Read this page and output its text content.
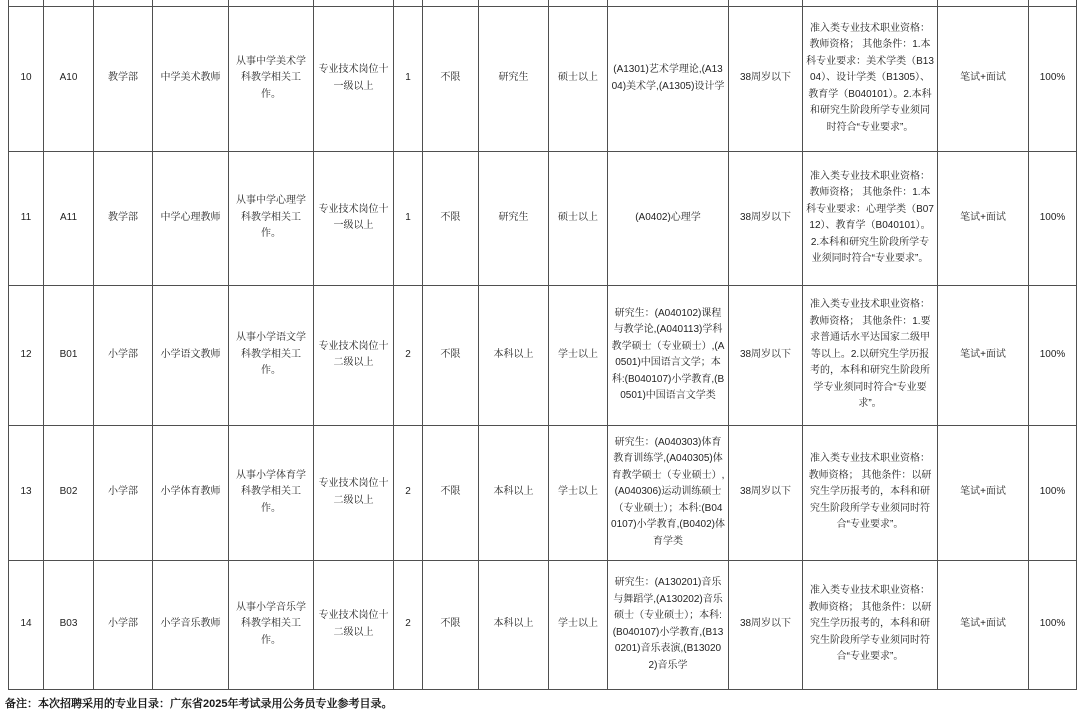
10	A10	教学部	中学美术教师	从事中学美术学科教学相关工作。	专业技术岗位十一级以上	1	不限	研究生	硕士以上	(A1301)艺术学理论,(A1304)美术学,(A1305)设计学	38周岁以下	准入类专业技术职业资格：教师资格； 其他条件：1.本科专业要求：美术学类（B1304）、设计学类（B1305）、教育学（B040101）。2.本科和研究生阶段所学专业须同时符合“专业要求”。	笔试+面试	100%
11	A11	教学部	中学心理教师	从事中学心理学科教学相关工作。	专业技术岗位十一级以上	1	不限	研究生	硕士以上	(A0402)心理学	38周岁以下	准入类专业技术职业资格：教师资格； 其他条件：1.本科专业要求：心理学类（B0712）、教育学（B040101）。2.本科和研究生阶段所学专业须同时符合“专业要求”。	笔试+面试	100%
12	B01	小学部	小学语文教师	从事小学语文学科教学相关工作。	专业技术岗位十二级以上	2	不限	本科以上	学士以上	研究生：(A040102)课程与教学论,(A040113)学科教学硕士（专业硕士）,(A0501)中国语言文学；本科:(B040107)小学教育,(B0501)中国语言文学类	38周岁以下	准入类专业技术职业资格：教师资格； 其他条件：1.要求普通话水平达国家二级甲等以上。2.以研究生学历报考的，本科和研究生阶段所学专业须同时符合“专业要求”。	笔试+面试	100%
13	B02	小学部	小学体育教师	从事小学体育学科教学相关工作。	专业技术岗位十二级以上	2	不限	本科以上	学士以上	研究生：(A040303)体育教育训练学,(A040305)体育教学硕士（专业硕士）,(A040306)运动训练硕士（专业硕士）；本科:(B040107)小学教育,(B0402)体育学类	38周岁以下	准入类专业技术职业资格：教师资格； 其他条件：以研究生学历报考的，本科和研究生阶段所学专业须同时符合“专业要求”。	笔试+面试	100%
14	B03	小学部	小学音乐教师	从事小学音乐学科教学相关工作。	专业技术岗位十二级以上	2	不限	本科以上	学士以上	研究生：(A130201)音乐与舞蹈学,(A130202)音乐硕士（专业硕士）；本科:(B040107)小学教育,(B130201)音乐表演,(B130202)音乐学	38周岁以下	准入类专业技术职业资格：教师资格； 其他条件：以研究生学历报考的，本科和研究生阶段所学专业须同时符合“专业要求”。	笔试+面试	100%
备注：本次招聘采用的专业目录：广东省2025年考试录用公务员专业参考目录。
